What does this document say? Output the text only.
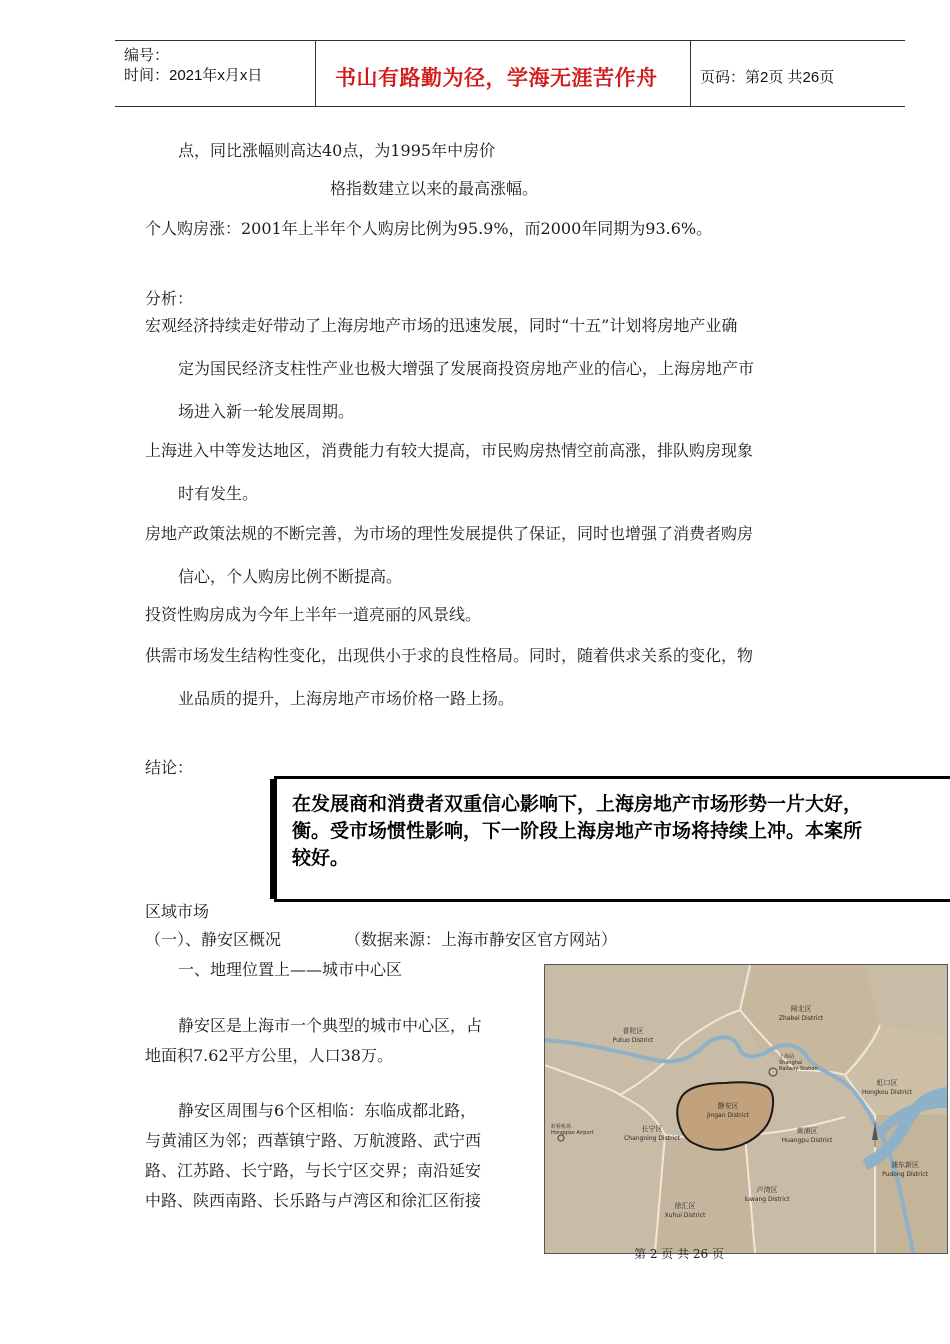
编号：
时间：2021年x月x日	书山有路勤为径，学海无涯苦作舟	页码：第2页 共26页
点，同比涨幅则高达40点，为1995年中房价
格指数建立以来的最高涨幅。
个人购房涨：2001年上半年个人购房比例为95.9%，而2000年同期为93.6%。
分析：
宏观经济持续走好带动了上海房地产市场的迅速发展，同时“十五”计划将房地产业确
定为国民经济支柱性产业也极大增强了发展商投资房地产业的信心，上海房地产市
场进入新一轮发展周期。
上海进入中等发达地区，消费能力有较大提高，市民购房热情空前高涨，排队购房现象
时有发生。
房地产政策法规的不断完善，为市场的理性发展提供了保证，同时也增强了消费者购房
信心，个人购房比例不断提高。
投资性购房成为今年上半年一道亮丽的风景线。
供需市场发生结构性变化，出现供小于求的良性格局。同时，随着供求关系的变化，物
业品质的提升，上海房地产市场价格一路上扬。
结论：
在发展商和消费者双重信心影响下，上海房地产市场形势一片大好，
衡。受市场惯性影响，下一阶段上海房地产市场将持续上冲。本案所
较好。
区域市场
（一）、静安区概况	（数据来源：上海市静安区官方网站）
一、地理位置上——城市中心区
静安区是上海市一个典型的城市中心区，占
地面积7.62平方公里，人口38万。
静安区周围与6个区相临：东临成都北路，
与黄浦区为邻；西葦镇宁路、万航渡路、武宁西
路、江苏路、长宁路，与长宁区交界；南沿延安
中路、陕西南路、长乐路与卢湾区和徐汇区衔接
闸北区
Zhabei District
普陀区
Putuo District
虹口区
Hongkou District
静安区
Jingan District
长宁区
Changning District
黄浦区
Huangpu District
浦东新区
Pudong District
卢湾区
luwang District
徐汇区
Xuhui District
上海站
Shanghai
Railway Station
虹桥机场
Hongqiao Airport
第 2 页 共 26 页
